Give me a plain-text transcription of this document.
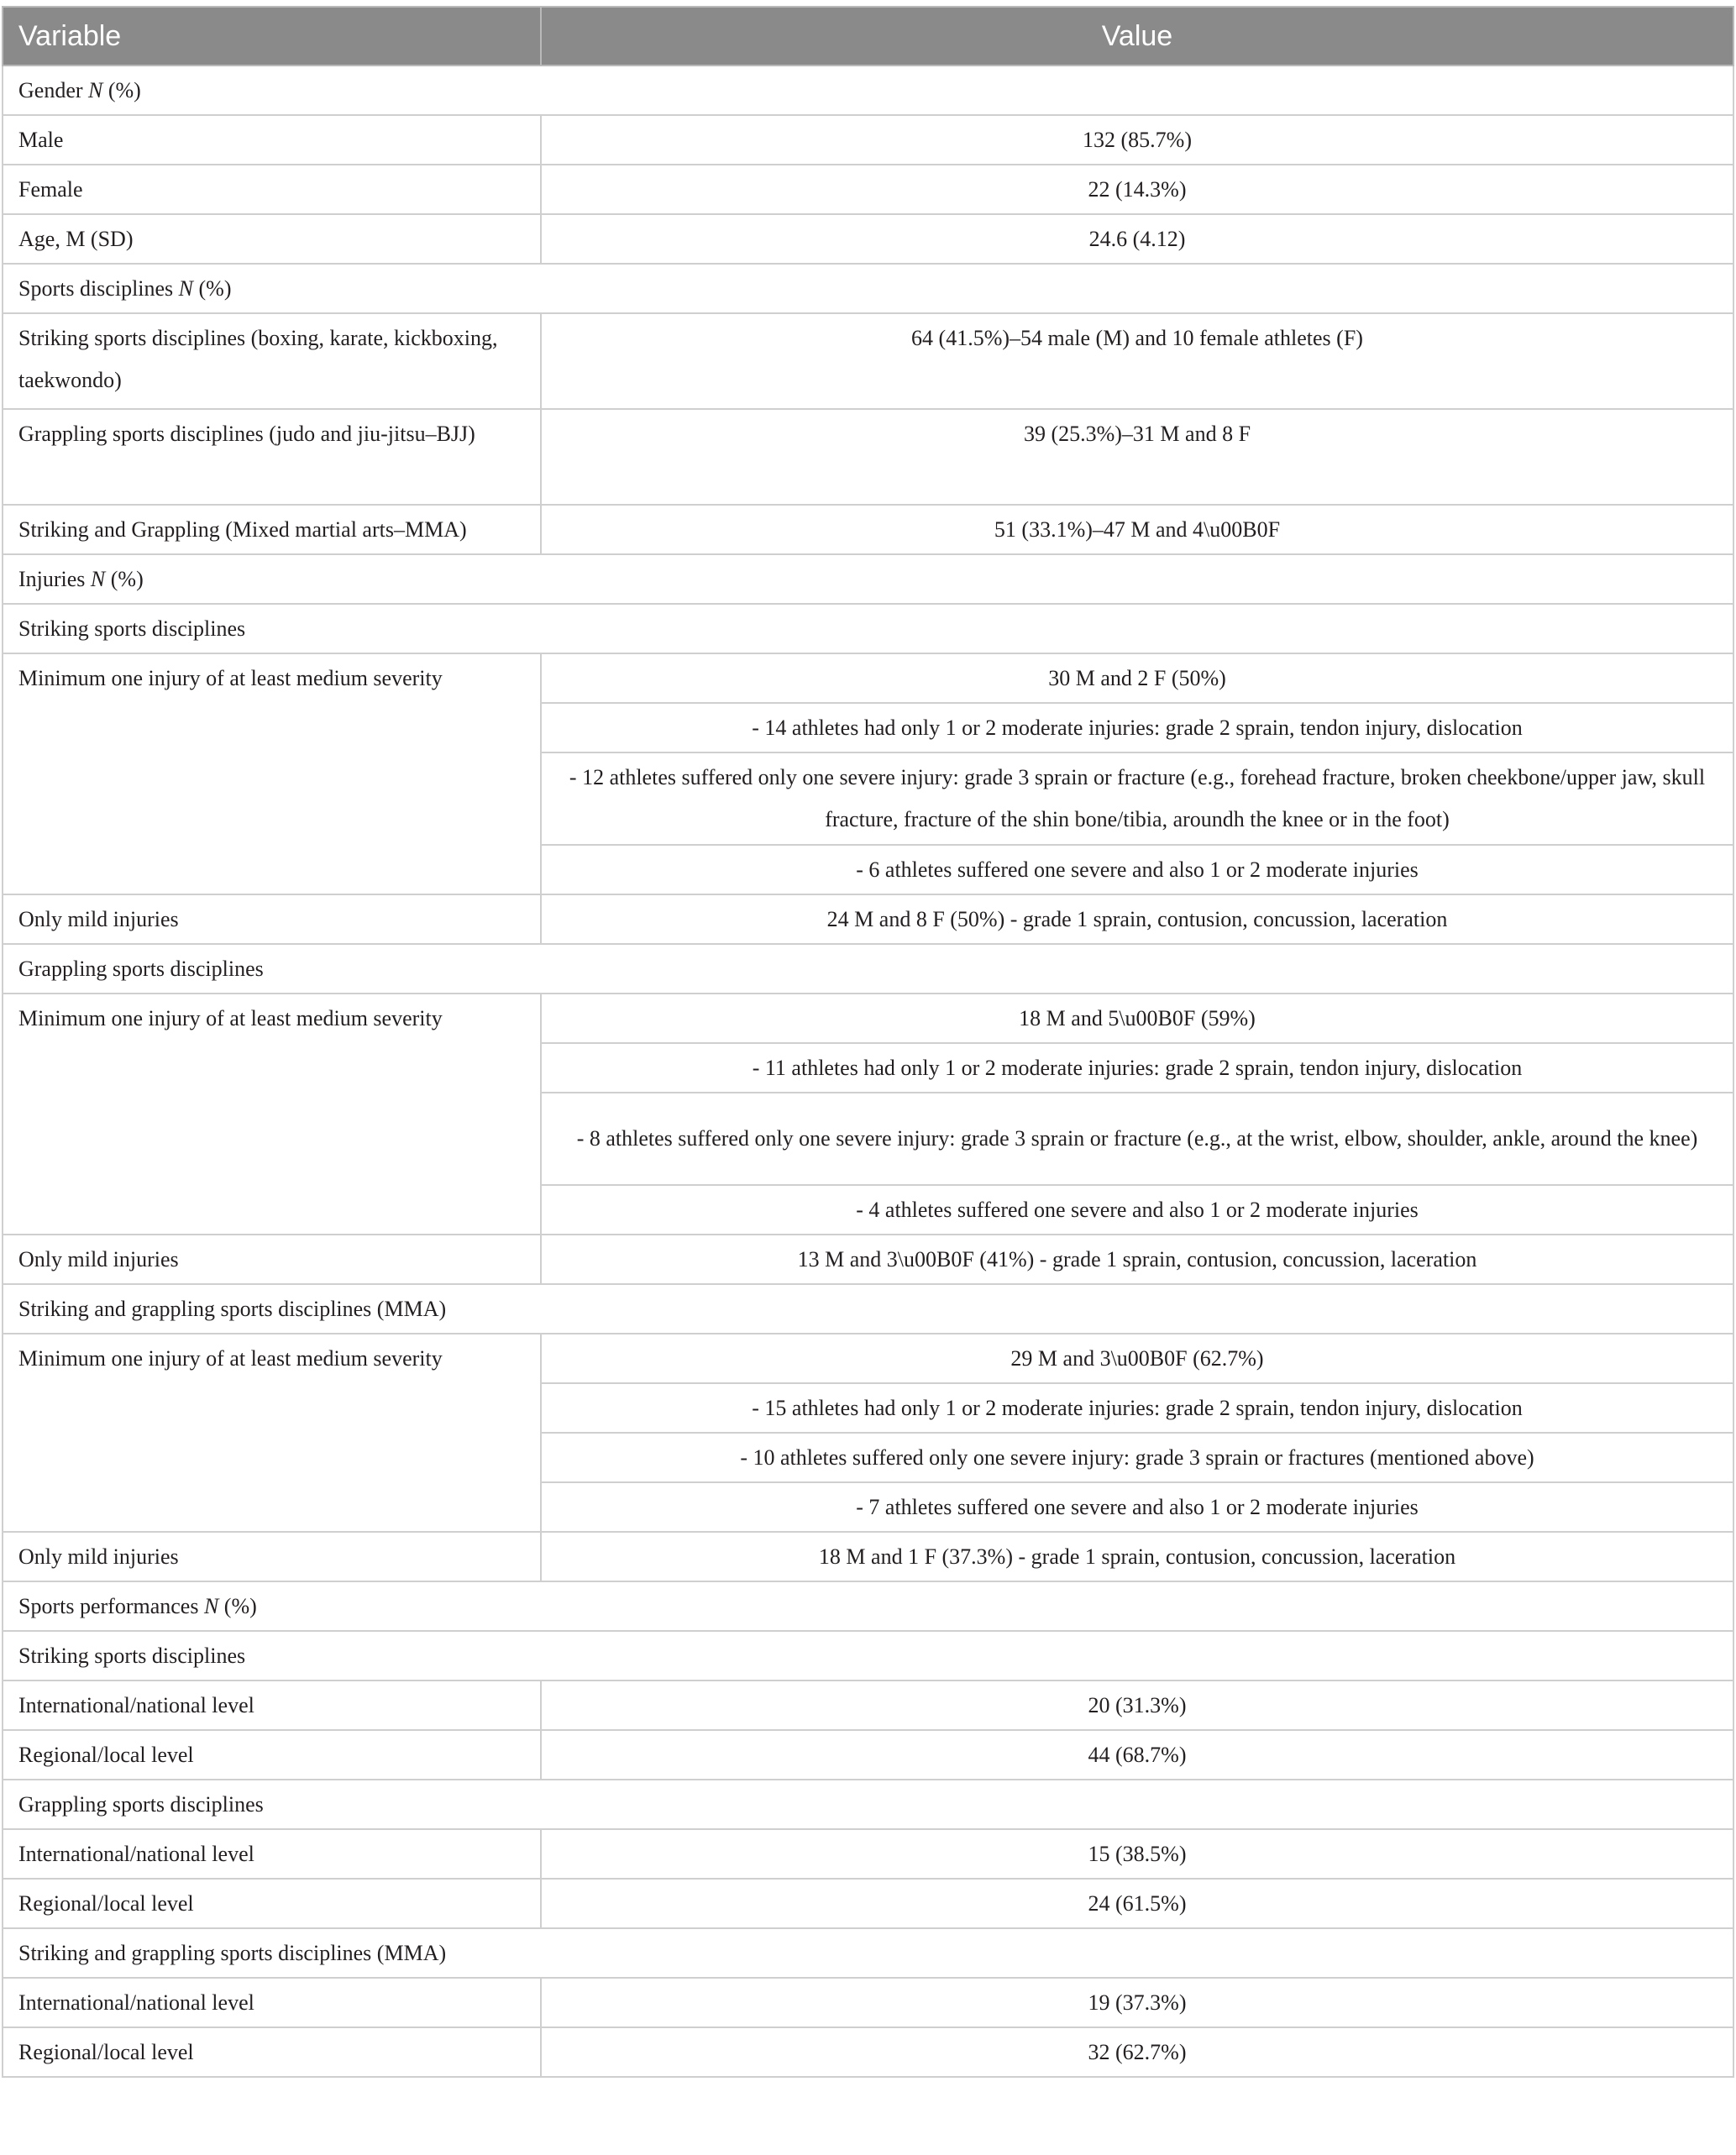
Variable	Value
Gender N (%)	
Male	132 (85.7%)
Female	22 (14.3%)
Age, M (SD)	24.6 (4.12)
Sports disciplines N (%)	
Striking sports disciplines (boxing, karate, kickboxing, taekwondo)	64 (41.5%)–54 male (M) and 10 female athletes (F)
Grappling sports disciplines (judo and jiu-jitsu–BJJ)	39 (25.3%)–31 M and 8 F
Striking and Grappling (Mixed martial arts–MMA)	51 (33.1%)–47 M and 4\u00B0F
Injuries N (%)	
Striking sports disciplines	
Minimum one injury of at least medium severity	30 M and 2 F (50%)
	- 14 athletes had only 1 or 2 moderate injuries: grade 2 sprain, tendon injury, dislocation
	- 12 athletes suffered only one severe injury: grade 3 sprain or fracture (e.g., forehead fracture, broken cheekbone/upper jaw, skull fracture, fracture of the shin bone/tibia, aroundh the knee or in the foot)
	- 6 athletes suffered one severe and also 1 or 2 moderate injuries
Only mild injuries	24 M and 8 F (50%) - grade 1 sprain, contusion, concussion, laceration
Grappling sports disciplines	
Minimum one injury of at least medium severity	18 M and 5\u00B0F (59%)
	- 11 athletes had only 1 or 2 moderate injuries: grade 2 sprain, tendon injury, dislocation
	- 8 athletes suffered only one severe injury: grade 3 sprain or fracture (e.g., at the wrist, elbow, shoulder, ankle, around the knee)
	- 4 athletes suffered one severe and also 1 or 2 moderate injuries
Only mild injuries	13 M and 3\u00B0F (41%) - grade 1 sprain, contusion, concussion, laceration
Striking and grappling sports disciplines (MMA)	
Minimum one injury of at least medium severity	29 M and 3\u00B0F (62.7%)
	- 15 athletes had only 1 or 2 moderate injuries: grade 2 sprain, tendon injury, dislocation
	- 10 athletes suffered only one severe injury: grade 3 sprain or fractures (mentioned above)
	- 7 athletes suffered one severe and also 1 or 2 moderate injuries
Only mild injuries	18 M and 1 F (37.3%) - grade 1 sprain, contusion, concussion, laceration
Sports performances N (%)	
Striking sports disciplines	
International/national level	20 (31.3%)
Regional/local level	44 (68.7%)
Grappling sports disciplines	
International/national level	15 (38.5%)
Regional/local level	24 (61.5%)
Striking and grappling sports disciplines (MMA)	
International/national level	19 (37.3%)
Regional/local level	32 (62.7%)
